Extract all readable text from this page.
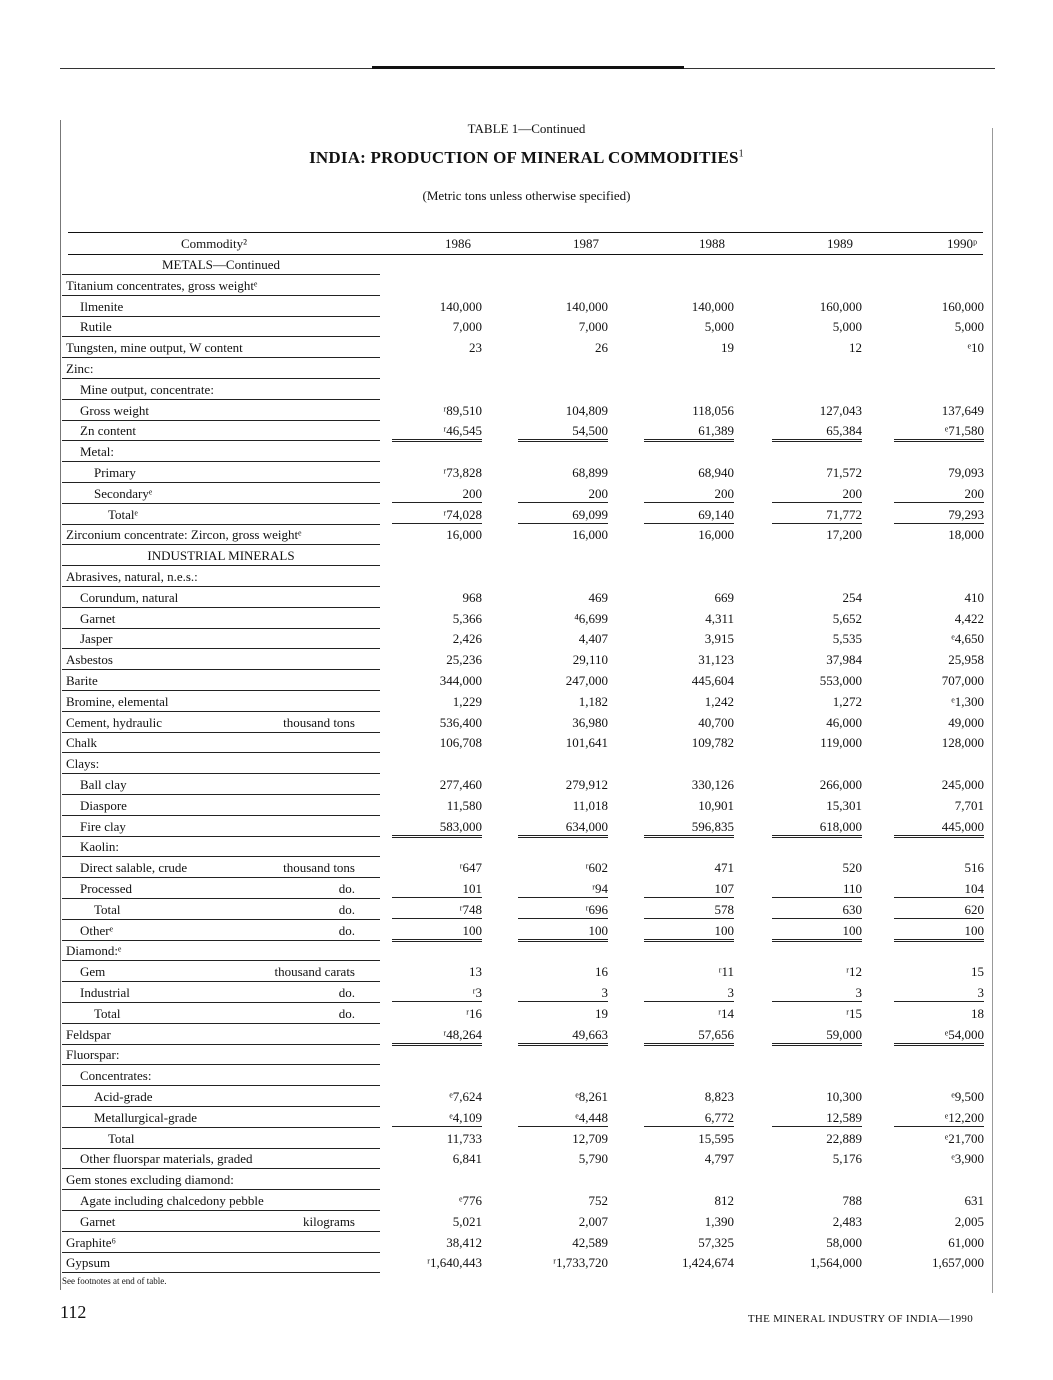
TABLE 1—Continued
INDIA: PRODUCTION OF MINERAL COMMODITIES$^1$
(Metric tons unless otherwise specified)
Commodity²	1986	1987	1988	1989	1990ᵖ
METALS—Continued
Titanium concentrates, gross weightᵉ
Ilmenite	140,000	140,000	140,000	160,000	160,000
Rutile	7,000	7,000	5,000	5,000	5,000
Tungsten, mine output, W content	23	26	19	12	ᵉ10
Zinc:
Mine output, concentrate:
Gross weight	ʳ89,510	104,809	118,056	127,043	137,649
Zn content	ʳ46,545	54,500	61,389	65,384	ᵉ71,580
Metal:
Primary	ʳ73,828	68,899	68,940	71,572	79,093
Secondaryᵉ	200	200	200	200	200
Totalᵉ	ʳ74,028	69,099	69,140	71,772	79,293
Zirconium concentrate: Zircon, gross weightᵉ	16,000	16,000	16,000	17,200	18,000
INDUSTRIAL MINERALS
Abrasives, natural, n.e.s.:
Corundum, natural	968	469	669	254	410
Garnet	5,366	⁴6,699	4,311	5,652	4,422
Jasper	2,426	4,407	3,915	5,535	ᵉ4,650
Asbestos	25,236	29,110	31,123	37,984	25,958
Barite	344,000	247,000	445,604	553,000	707,000
Bromine, elemental	1,229	1,182	1,242	1,272	ᵉ1,300
Cement, hydraulic	thousand tons	536,400	36,980	40,700	46,000	49,000
Chalk	106,708	101,641	109,782	119,000	128,000
Clays:
Ball clay	277,460	279,912	330,126	266,000	245,000
Diaspore	11,580	11,018	10,901	15,301	7,701
Fire clay	583,000	634,000	596,835	618,000	445,000
Kaolin:
Direct salable, crude	thousand tons	ʳ647	ʳ602	471	520	516
Processed	do.	101	ʳ94	107	110	104
Total	do.	ʳ748	ʳ696	578	630	620
Otherᵉ	do.	100	100	100	100	100
Diamond:ᵉ
Gem	thousand carats	13	16	ʳ11	ʳ12	15
Industrial	do.	ʳ3	3	3	3	3
Total	do.	ʳ16	19	ʳ14	ʳ15	18
Feldspar	ʳ48,264	49,663	57,656	59,000	ᵉ54,000
Fluorspar:
Concentrates:
Acid-grade	ᵉ7,624	ᵉ8,261	8,823	10,300	ᵉ9,500
Metallurgical-grade	ᵉ4,109	ᵉ4,448	6,772	12,589	ᵉ12,200
Total	11,733	12,709	15,595	22,889	ᵉ21,700
Other fluorspar materials, graded	6,841	5,790	4,797	5,176	ᵉ3,900
Gem stones excluding diamond:
Agate including chalcedony pebble	ᵉ776	752	812	788	631
Garnet	kilograms	5,021	2,007	1,390	2,483	2,005
Graphite⁶	38,412	42,589	57,325	58,000	61,000
Gypsum	ʳ1,640,443	ʳ1,733,720	1,424,674	1,564,000	1,657,000
See footnotes at end of table.
112	THE MINERAL INDUSTRY OF INDIA—1990
